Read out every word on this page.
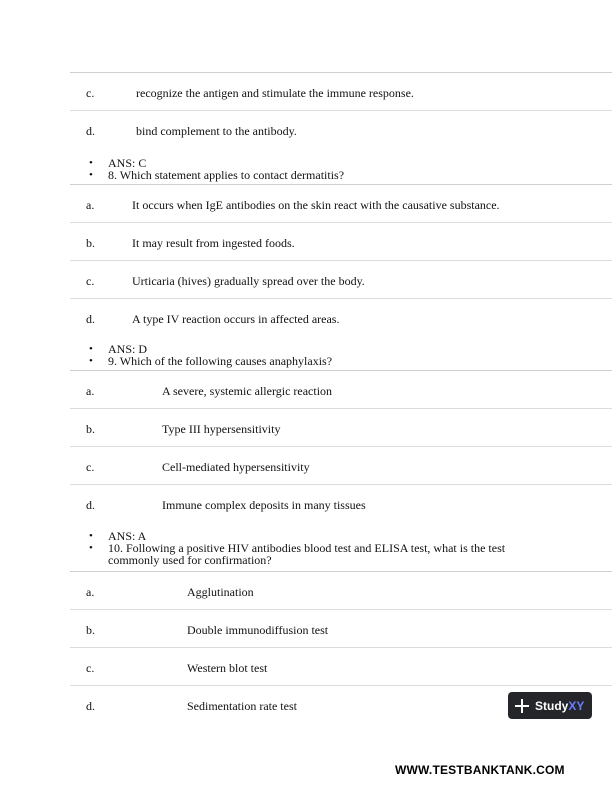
c.	recognize the antigen and stimulate the immune response.
d.	bind complement to the antibody.
• ANS: C
• 8. Which statement applies to contact dermatitis?
a.	It occurs when IgE antibodies on the skin react with the causative substance.
b.	It may result from ingested foods.
c.	Urticaria (hives) gradually spread over the body.
d.	A type IV reaction occurs in affected areas.
• ANS: D
• 9. Which of the following causes anaphylaxis?
a.	A severe, systemic allergic reaction
b.	Type III hypersensitivity
c.	Cell-mediated hypersensitivity
d.	Immune complex deposits in many tissues
• ANS: A
• 10. Following a positive HIV antibodies blood test and ELISA test, what is the test commonly used for confirmation?
a.	Agglutination
b.	Double immunodiffusion test
c.	Western blot test
d.	Sedimentation rate test	StudyXY
WWW.TESTBANKTANK.COM
